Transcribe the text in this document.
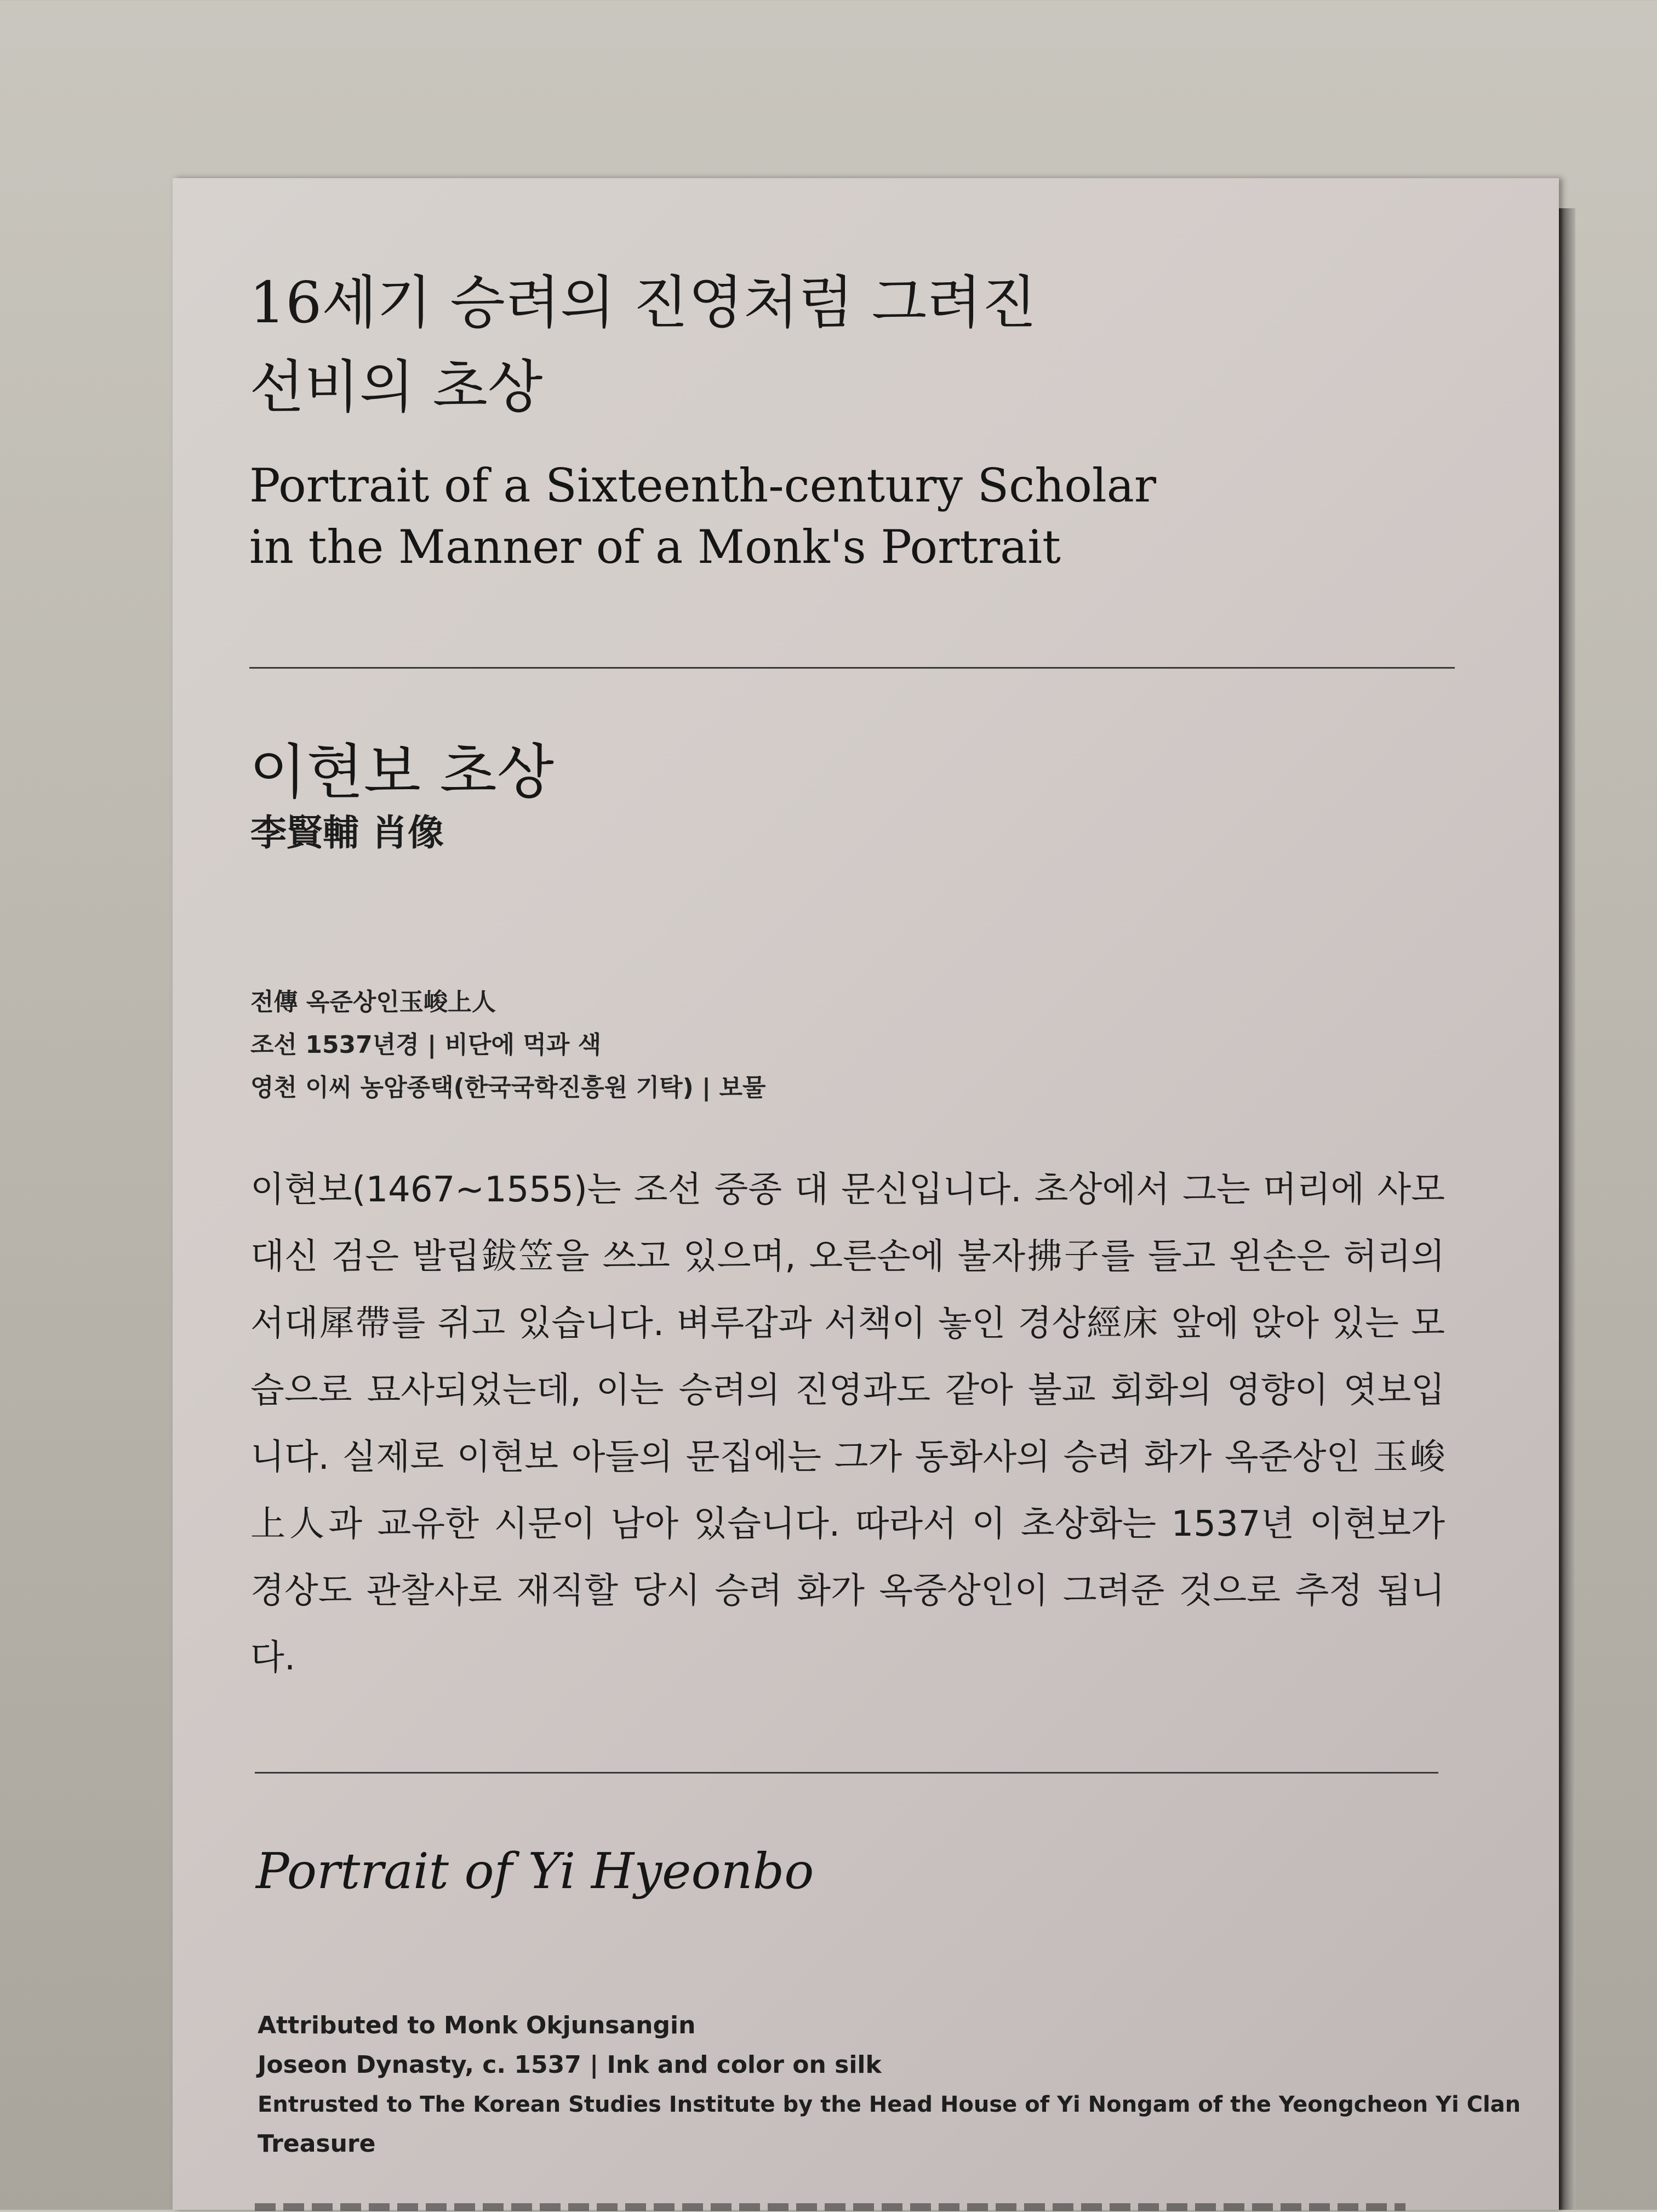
16세기 승려의 진영처럼 그려진
선비의 초상
Portrait of a Sixteenth-century Scholar
in the Manner of a Monk's Portrait
이현보 초상
李賢輔 肖像
전傳 옥준상인玉峻上人
조선 1537년경 | 비단에 먹과 색
영천 이씨 농암종택(한국국학진흥원 기탁) | 보물

이현보(1467~1555)는 조선 중종 대 문신입니다. 초상에서 그는 머리에 사모 대신 검은 발립鈸笠을 쓰고 있으며, 오른손에 불자拂子를 들고 왼손은 허리의 서대犀帶를 쥐고 있습니다. 벼루갑과 서책이 놓인 경상經床 앞에 앉아 있는 모습으로 묘사되었는데, 이는 승려의 진영과도 같아 불교 회화의 영향이 엿보입니다. 실제로 이현보 아들의 문집에는 그가 동화사의 승려 화가 옥준상인 玉峻上人과 교유한 시문이 남아 있습니다. 따라서 이 초상화는 1537년 이현보가 경상도 관찰사로 재직할 당시 승려 화가 옥중상인이 그려준 것으로 추정 됩니다.

Portrait of Yi Hyeonbo
Attributed to Monk Okjunsangin
Joseon Dynasty, c. 1537 | Ink and color on silk
Entrusted to The Korean Studies Institute by the Head House of Yi Nongam of the Yeongcheon Yi Clan
Treasure
